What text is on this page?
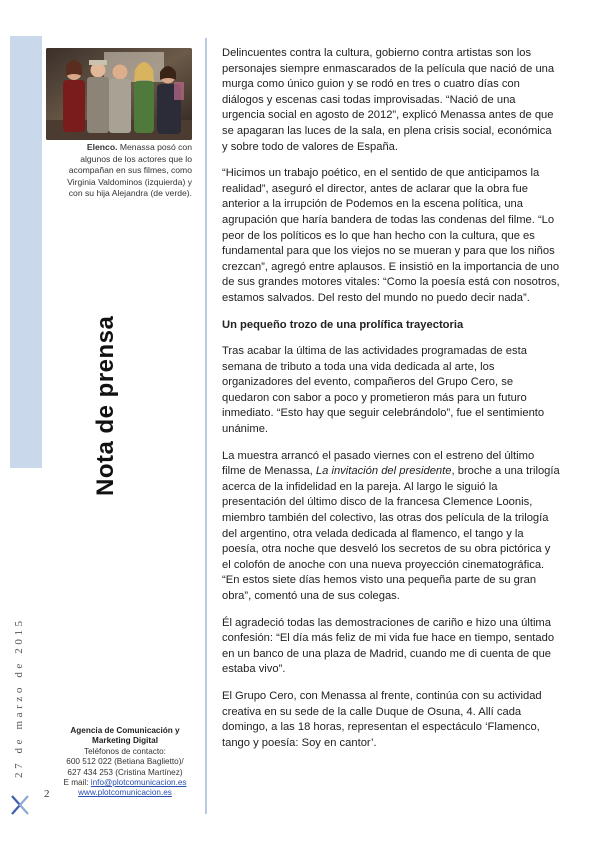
Elenco. Menassa posó con algunos de los actores que lo acompañan en sus filmes, como Virginia Valdominos (izquierda) y con su hija Alejandra (de verde).
Nota de prensa
27 de marzo de 2015	Agencia de Comunicación y Marketing Digital
Teléfonos de contacto:
600 512 022 (Betiana Baglietto)/
627 434 253 (Cristina Martínez)
E mail: info@plotcomunicacion.es
www.plotcomunicacion.es
2

Delincuentes contra la cultura, gobierno contra artistas son los personajes siempre enmascarados de la película que nació de una murga como único guion y se rodó en tres o cuatro días con diálogos y escenas casi todas improvisadas. “Nació de una urgencia social en agosto de 2012”, explicó Menassa antes de que se apagaran las luces de la sala, en plena crisis social, económica y sobre todo de valores de España.

“Hicimos un trabajo poético, en el sentido de que anticipamos la realidad”, aseguró el director, antes de aclarar que la obra fue anterior a la irrupción de Podemos en la escena política, una agrupación que haría bandera de todas las condenas del filme. “Lo peor de los políticos es lo que han hecho con la cultura, que es fundamental para que los viejos no se mueran y para que los niños crezcan”, agregó entre aplausos. E insistió en la importancia de uno de sus grandes motores vitales: “Como la poesía está con nosotros, estamos salvados. Del resto del mundo no puedo decir nada”.

Un pequeño trozo de una prolífica trayectoria

Tras acabar la última de las actividades programadas de esta semana de tributo a toda una vida dedicada al arte, los organizadores del evento, compañeros del Grupo Cero, se quedaron con sabor a poco y prometieron más para un futuro inmediato. “Esto hay que seguir celebrándolo”, fue el sentimiento unánime.

La muestra arrancó el pasado viernes con el estreno del último filme de Menassa, La invitación del presidente, broche a una trilogía acerca de la infidelidad en la pareja. Al largo le siguió la presentación del último disco de la francesa Clemence Loonis, miembro también del colectivo, las otras dos película de la trilogía del argentino, otra velada dedicada al flamenco, el tango y la poesía, otra noche que desveló los secretos de su obra pictórica y el colofón de anoche con una nueva proyección cinematográfica. “En estos siete días hemos visto una pequeña parte de su gran obra”, comentó una de sus colegas.

Él agradeció todas las demostraciones de cariño e hizo una última confesión: “El día más feliz de mi vida fue hace en tiempo, sentado en un banco de una plaza de Madrid, cuando me di cuenta de que estaba vivo”.

El Grupo Cero, con Menassa al frente, continúa con su actividad creativa en su sede de la calle Duque de Osuna, 4. Allí cada domingo, a las 18 horas, representan el espectáculo ‘Flamenco, tango y poesía: Soy en cantor’.
